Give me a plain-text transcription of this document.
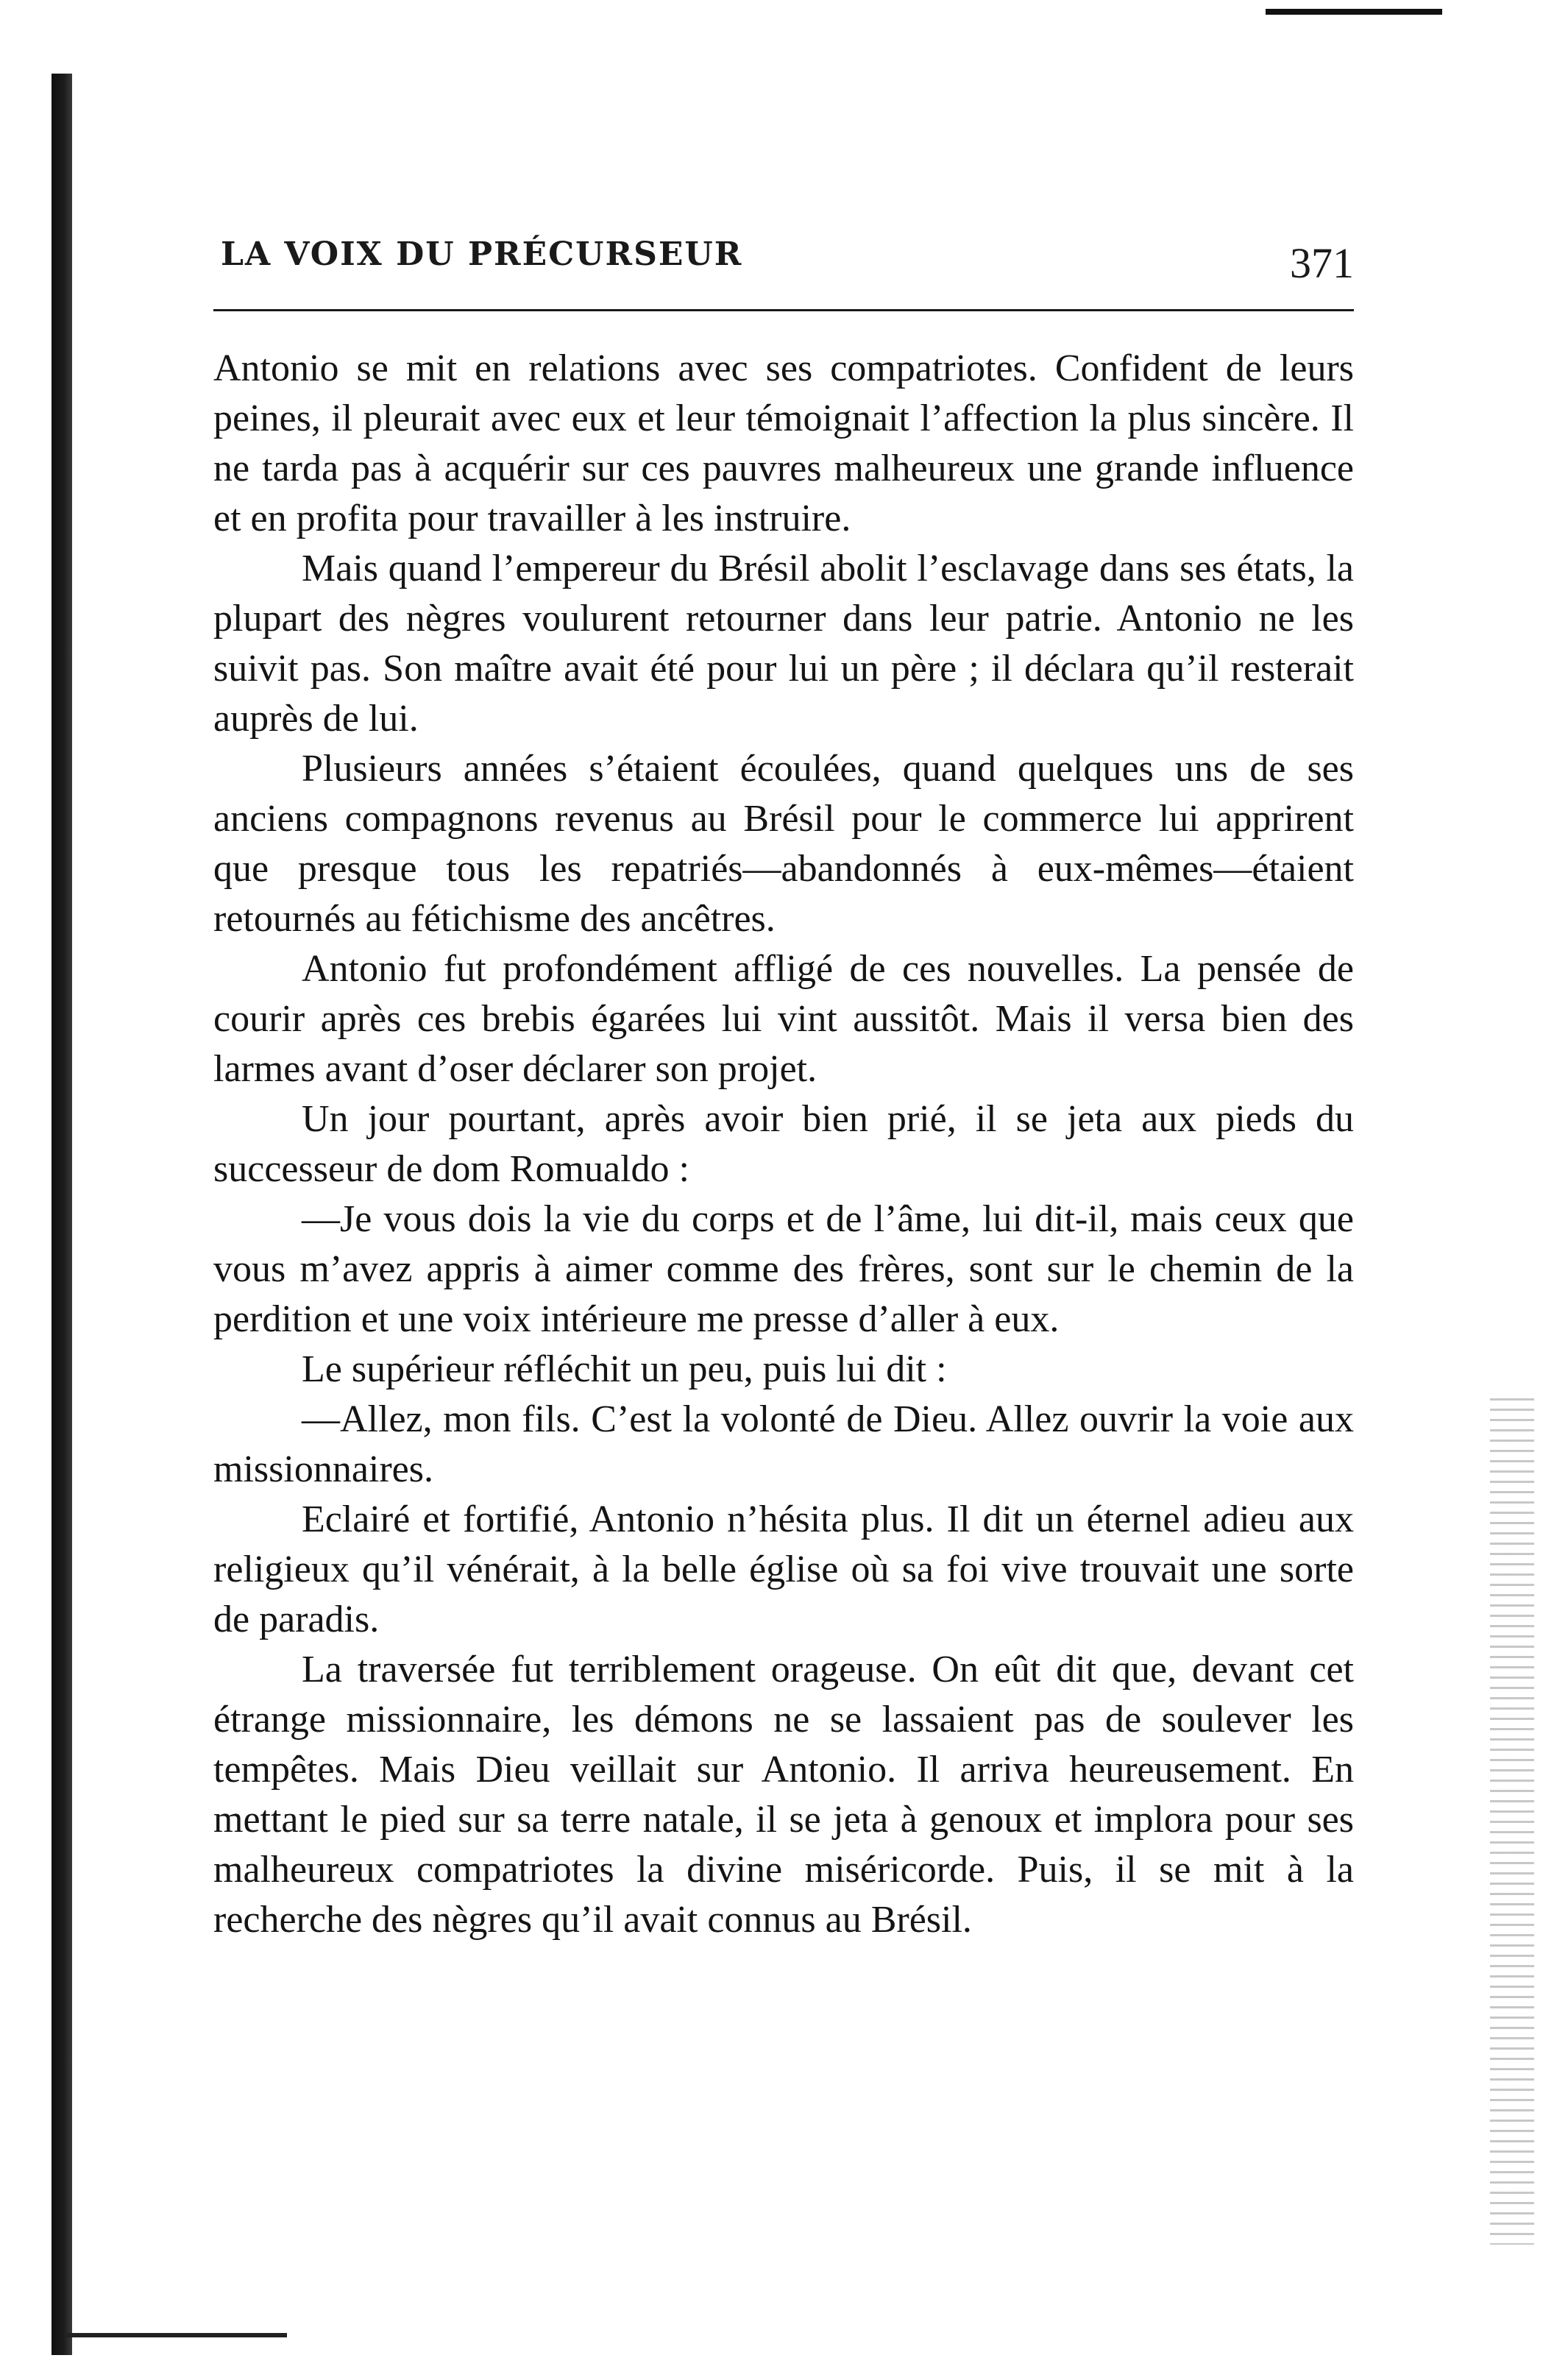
LA VOIX DU PRÉCURSEUR	371

Antonio se mit en relations avec ses compatriotes. Confident de leurs peines, il pleurait avec eux et leur témoignait l’affection la plus sincère. Il ne tarda pas à acquérir sur ces pauvres malheureux une grande influence et en profita pour travailler à les instruire.

Mais quand l’empereur du Brésil abolit l’esclavage dans ses états, la plupart des nègres voulurent retourner dans leur patrie. Antonio ne les suivit pas. Son maître avait été pour lui un père ; il déclara qu’il resterait auprès de lui.

Plusieurs années s’étaient écoulées, quand quelques uns de ses anciens compagnons revenus au Brésil pour le commerce lui apprirent que presque tous les repatriés—abandonnés à eux-mêmes—étaient retournés au fétichisme des ancêtres.

Antonio fut profondément affligé de ces nouvelles. La pensée de courir après ces brebis égarées lui vint aussitôt. Mais il versa bien des larmes avant d’oser déclarer son projet.

Un jour pourtant, après avoir bien prié, il se jeta aux pieds du successeur de dom Romualdo :

—Je vous dois la vie du corps et de l’âme, lui dit-il, mais ceux que vous m’avez appris à aimer comme des frères, sont sur le chemin de la perdition et une voix intérieure me presse d’aller à eux.

Le supérieur réfléchit un peu, puis lui dit :

—Allez, mon fils. C’est la volonté de Dieu. Allez ouvrir la voie aux missionnaires.

Eclairé et fortifié, Antonio n’hésita plus. Il dit un éternel adieu aux religieux qu’il vénérait, à la belle église où sa foi vive trouvait une sorte de paradis.

La traversée fut terriblement orageuse. On eût dit que, devant cet étrange missionnaire, les démons ne se lassaient pas de soulever les tempêtes. Mais Dieu veillait sur Antonio. Il arriva heureusement. En mettant le pied sur sa terre natale, il se jeta à genoux et implora pour ses malheureux compatriotes la divine miséricorde. Puis, il se mit à la recherche des nègres qu’il avait connus au Brésil.
